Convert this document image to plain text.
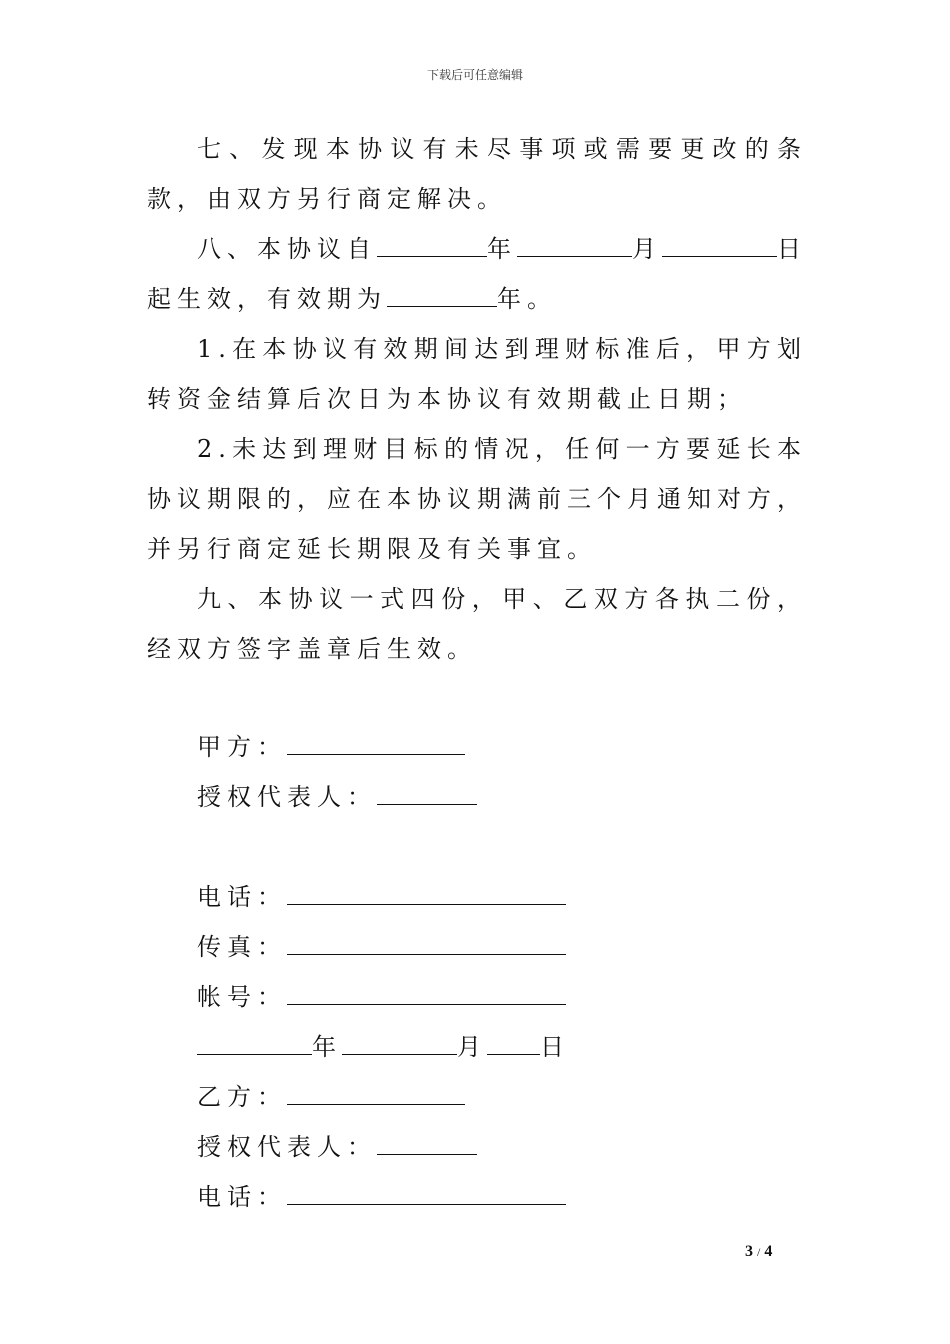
下载后可任意编辑

七、发现本协议有未尽事项或需要更改的条款，由双方另行商定解决。

八、本协议自	年	月	日起生效，有效期为	年。

1.在本协议有效期间达到理财标准后，甲方划转资金结算后次日为本协议有效期截止日期；

2.未达到理财目标的情况，任何一方要延长本协议期限的，应在本协议期满前三个月通知对方，并另行商定延长期限及有关事宜。

九、本协议一式四份，甲、乙双方各执二份，经双方签字盖章后生效。

甲方：
授权代表人：
电话：
传真：
帐号：
年	月 日
乙方：
授权代表人：
电话：
3 / 4
